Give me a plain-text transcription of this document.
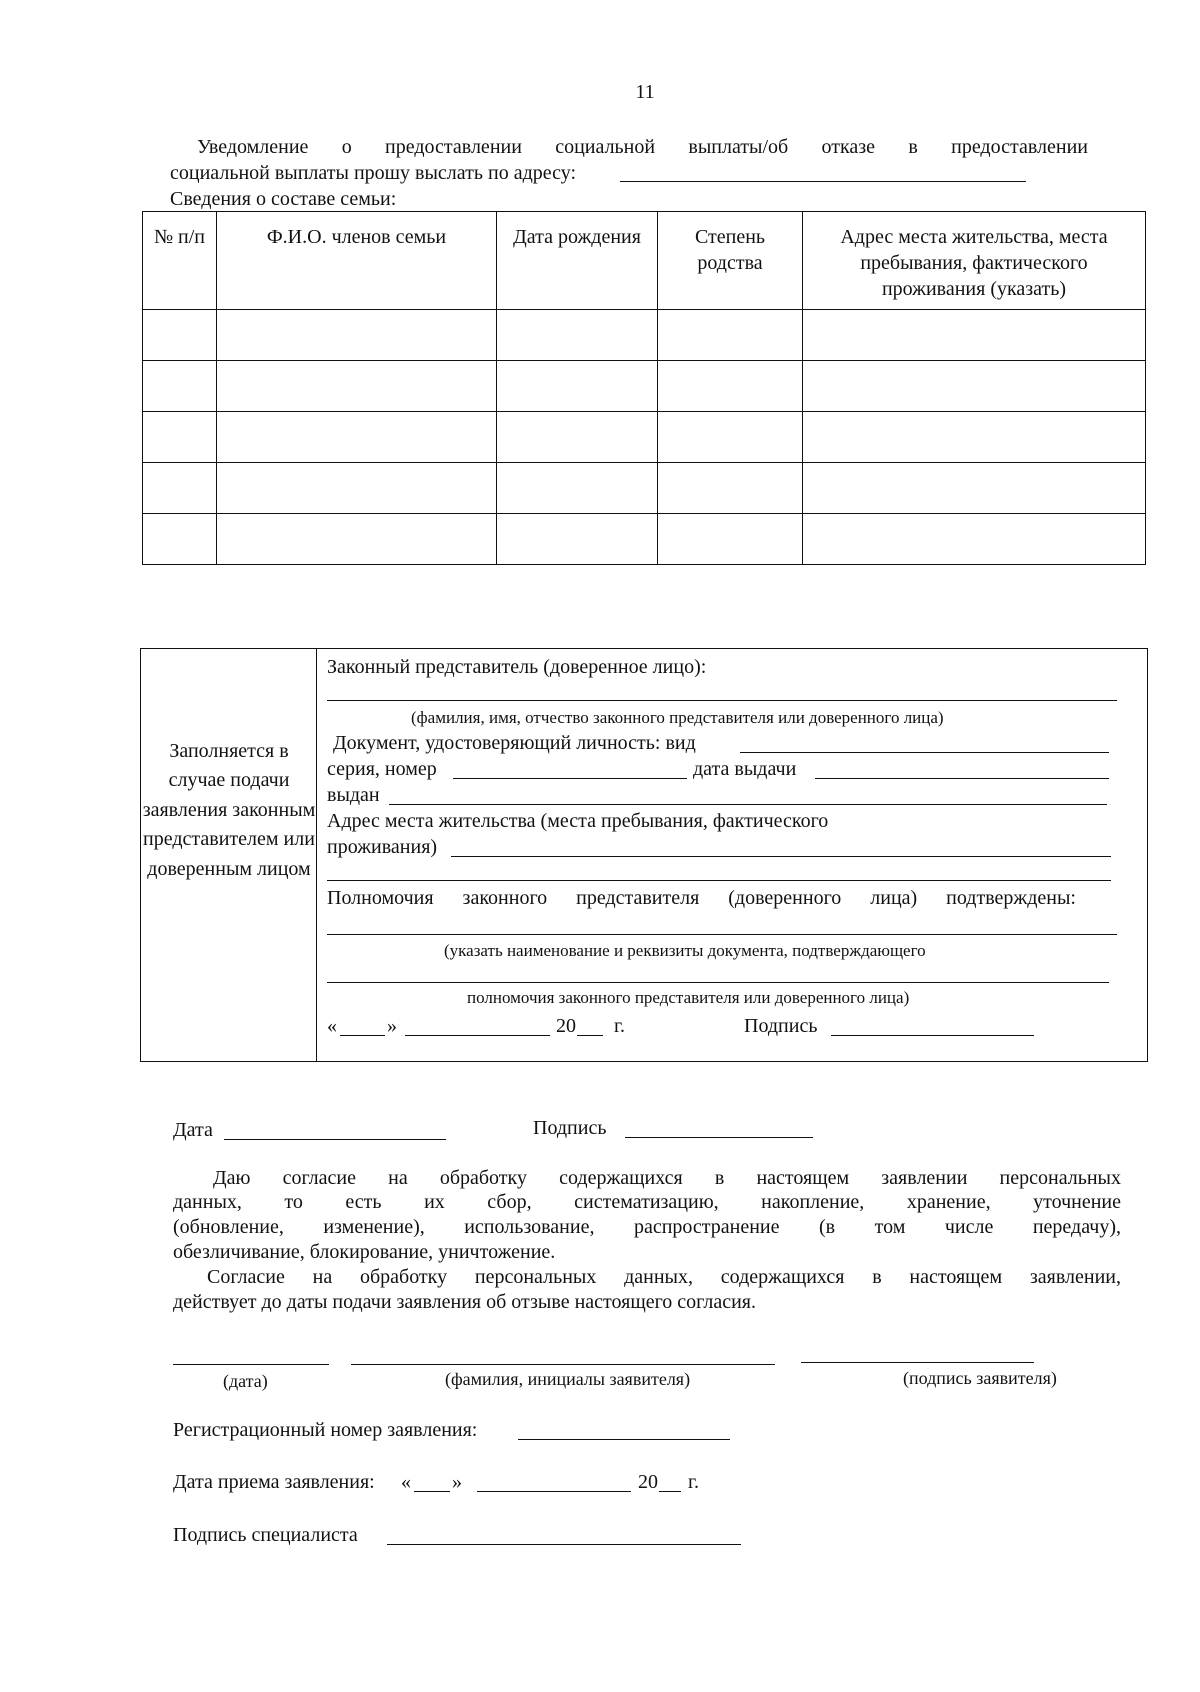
11
Уведомление о предоставлении социальной выплаты/об отказе в предоставлении
социальной выплаты прошу выслать по адресу:
Сведения о составе семьи:
№ п/п	Ф.И.О. членов семьи	Дата рождения	Степень родства	Адрес места жительства, места пребывания, фактического проживания (указать)

Заполняется в случае подачи заявления законным представителем или доверенным лицом
Законный представитель (доверенное лицо):
(фамилия, имя, отчество законного представителя или доверенного лица)
Документ, удостоверяющий личность: вид
серия, номер	дата выдачи
выдан
Адрес места жительства (места пребывания, фактического
проживания)
Полномочия законного представителя (доверенного лица) подтверждены:
(указать наименование и реквизиты документа, подтверждающего
полномочия законного представителя или доверенного лица)
«	»	20 г.	Подпись
Дата	Подпись
Даю согласие на обработку содержащихся в настоящем заявлении персональных
данных, то есть их сбор, систематизацию, накопление, хранение, уточнение
(обновление, изменение), использование, распространение (в том числе передачу),
обезличивание, блокирование, уничтожение.
Согласие на обработку персональных данных, содержащихся в настоящем заявлении,
действует до даты подачи заявления об отзыве настоящего согласия.
(дата)	(фамилия, инициалы заявителя)	(подпись заявителя)
Регистрационный номер заявления:
Дата приема заявления: « »	20 г.
Подпись специалиста
